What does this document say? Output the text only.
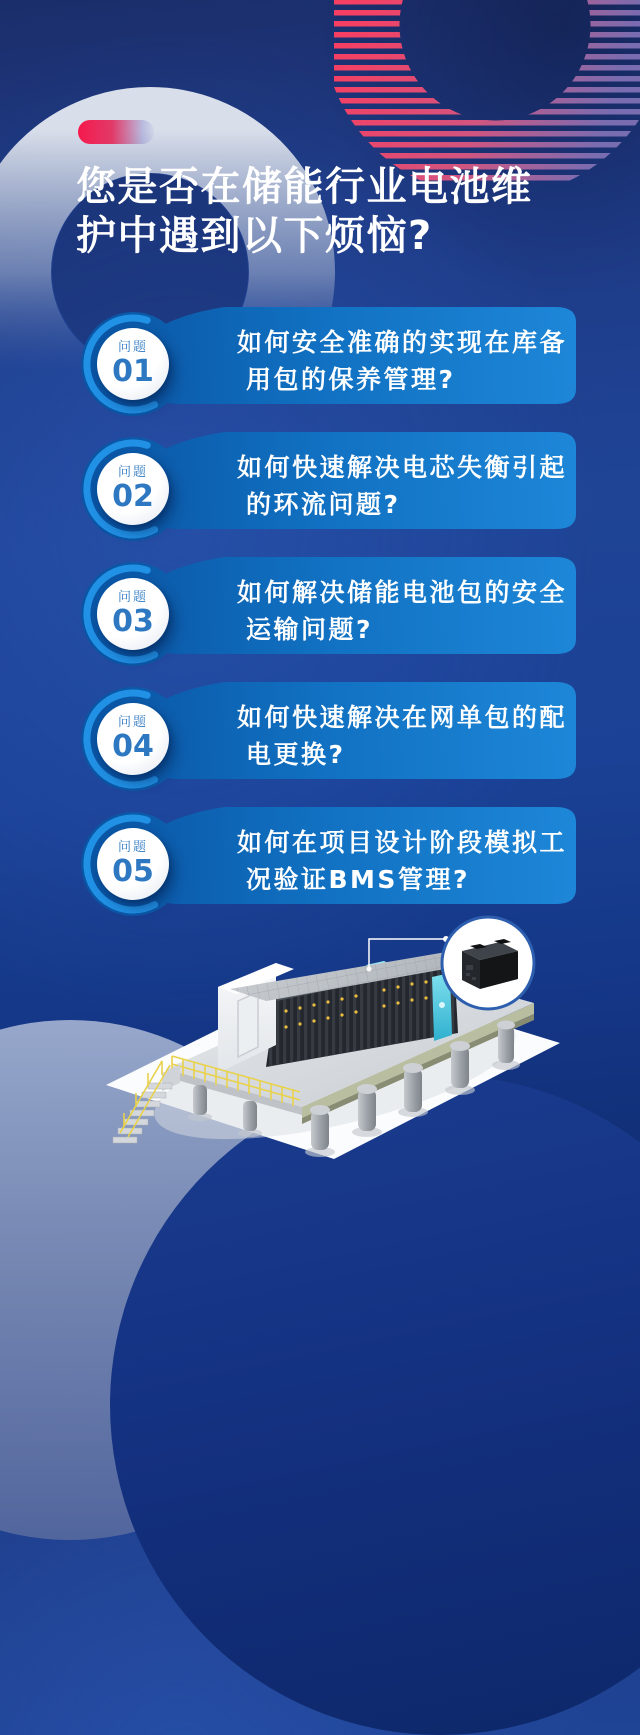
您是否在储能行业电池维
护中遇到以下烦恼?
问题
01
如何安全准确的实现在库备
用包的保养管理?
问题
02
如何快速解决电芯失衡引起
的环流问题?
问题
03
如何解决储能电池包的安全
运输问题?
问题
04
如何快速解决在网单包的配
电更换?
问题
05
如何在项目设计阶段模拟工
况验证BMS管理?
